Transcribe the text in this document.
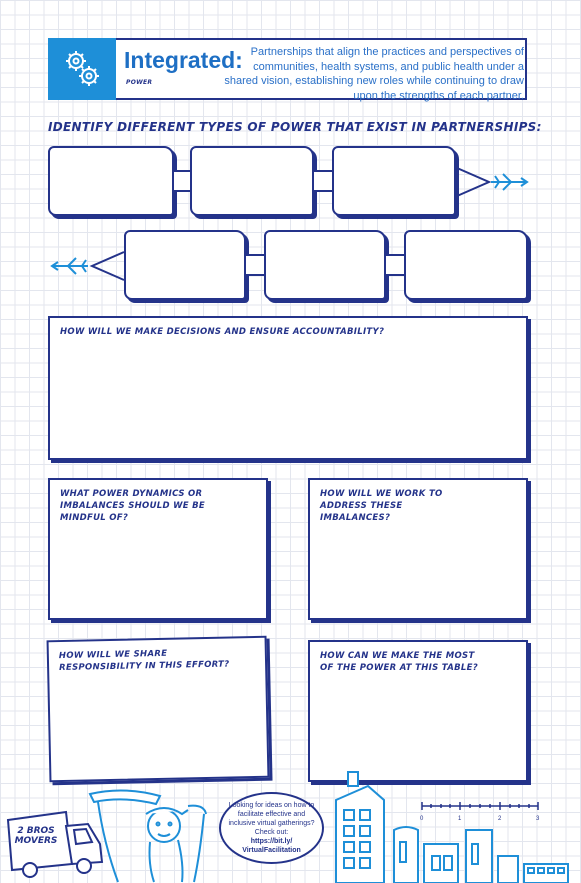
Integrated:
POWER
Partnerships that align the practices and perspectives of communities, health systems, and public health under a shared vision, establishing new roles while continuing to draw upon the strengths of each partner.
IDENTIFY DIFFERENT TYPES OF POWER THAT EXIST IN PARTNERSHIPS:
HOW WILL WE MAKE DECISIONS AND ENSURE ACCOUNTABILITY?
WHAT POWER DYNAMICS OR IMBALANCES SHOULD WE BE MINDFUL OF?
HOW WILL WE WORK TO ADDRESS THESE IMBALANCES?
HOW WILL WE SHARE RESPONSIBILITY IN THIS EFFORT?
HOW CAN WE MAKE THE MOST OF THE POWER AT THIS TABLE?
2 BROS MOVERS
Looking for ideas on how to facilitate effective and inclusive virtual gatherings? Check out:
https://bit.ly/ VirtualFacilitation
0	1	2	3
